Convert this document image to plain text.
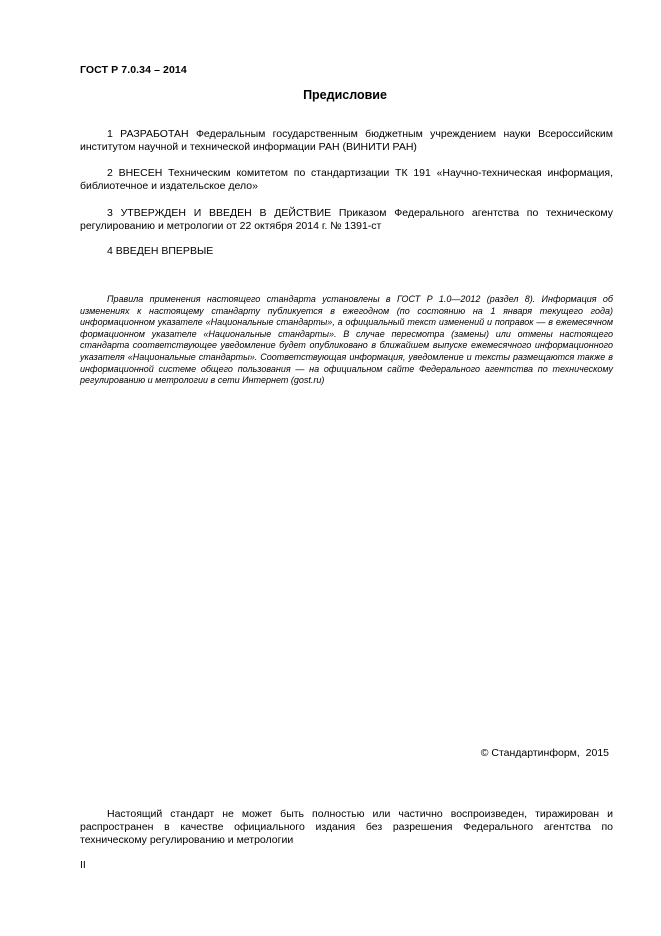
ГОСТ Р 7.0.34 – 2014
Предисловие

1 РАЗРАБОТАН Федеральным государственным бюджетным учреждением науки Всероссийским институтом научной и технической информации РАН (ВИНИТИ РАН)

2 ВНЕСЕН Техническим комитетом по стандартизации ТК 191 «Научно-техническая информация, библиотечное и издательское дело»

3 УТВЕРЖДЕН И ВВЕДЕН В ДЕЙСТВИЕ Приказом Федерального агентства по техническому регулированию и метрологии от 22 октября 2014 г. № 1391-ст

4 ВВЕДЕН ВПЕРВЫЕ

Правила применения настоящего стандарта установлены в ГОСТ Р 1.0—2012 (раздел 8). Информация об изменениях к настоящему стандарту публикуется в ежегодном (по состоянию на 1 января текущего года) информационном указателе «Национальные стандарты», а официальный текст изменений и поправок — в ежемесячном формационном указателе «Национальные стандарты». В случае пересмотра (замены) или отмены настоящего стандарта соответствующее уведомление будет опубликовано в ближайшем выпуске ежемесячного информационного указателя «Национальные стандарты». Соответствующая информация, уведомление и тексты размещаются также в информационной системе общего пользования — на официальном сайте Федерального агентства по техническому регулированию и метрологии в сети Интернет (gost.ru)

© Стандартинформ,  2015

Настоящий стандарт не может быть полностью или частично воспроизведен, тиражирован и распространен в качестве официального издания без разрешения Федерального агентства по техническому регулированию и метрологии

II
